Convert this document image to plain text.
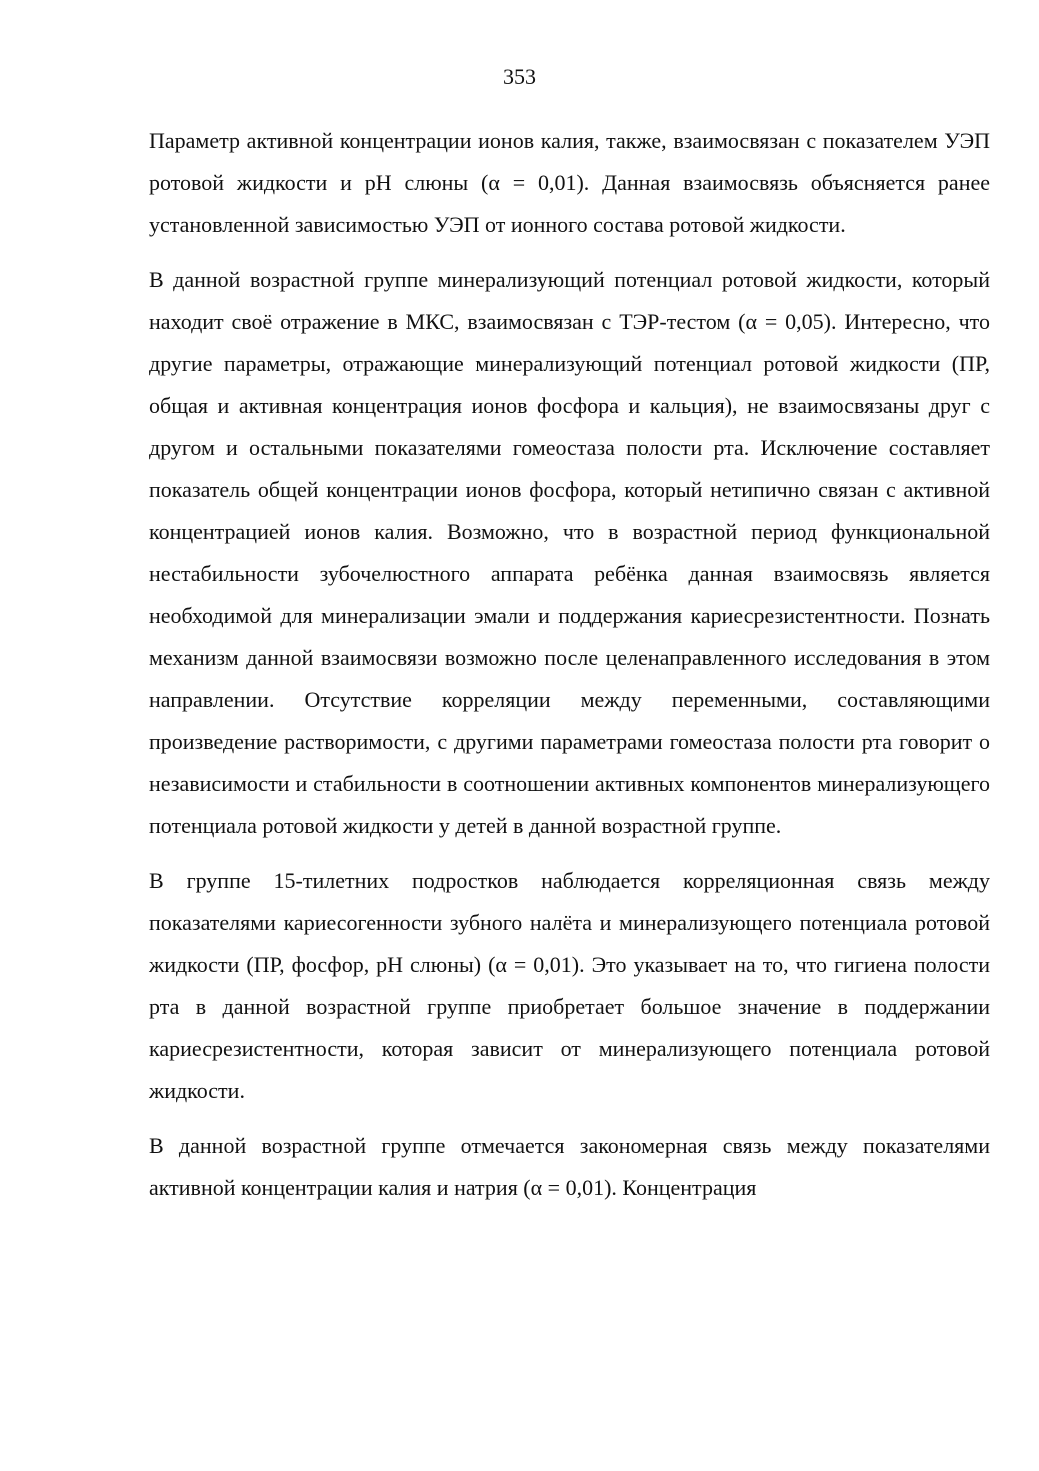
353

Параметр активной концентрации ионов калия, также, взаимосвязан с показателем УЭП ротовой жидкости и pH слюны (α = 0,01). Данная взаимосвязь объясняется ранее установленной зависимостью УЭП от ионного состава ротовой жидкости.

В данной возрастной группе минерализующий потенциал ротовой жидкости, который находит своё отражение в МКС, взаимосвязан с ТЭР-тестом (α = 0,05). Интересно, что другие параметры, отражающие минерализующий потенциал ротовой жидкости (ПР, общая и активная концентрация ионов фосфора и кальция), не взаимосвязаны друг с другом и остальными показателями гомеостаза полости рта. Исключение составляет показатель общей концентрации ионов фосфора, который нетипично связан с активной концентрацией ионов калия. Возможно, что в возрастной период функциональной нестабильности зубочелюстного аппарата ребёнка данная взаимосвязь является необходимой для минерализации эмали и поддержания кариесрезистентности. Познать механизм данной взаимосвязи возможно после целенаправленного исследования в этом направлении. Отсутствие корреляции между переменными, составляющими произведение растворимости, с другими параметрами гомеостаза полости рта говорит о независимости и стабильности в соотношении активных компонентов минерализующего потенциала ротовой жидкости у детей в данной возрастной группе.

В группе 15-тилетних подростков наблюдается корреляционная связь между показателями кариесогенности зубного налёта и минерализующего потенциала ротовой жидкости (ПР, фосфор, pH слюны) (α = 0,01). Это указывает на то, что гигиена полости рта в данной возрастной группе приобретает большое значение в поддержании кариесрезистентности, которая зависит от минерализующего потенциала ротовой жидкости.

В данной возрастной группе отмечается закономерная связь между показателями активной концентрации калия и натрия (α = 0,01). Концентрация
